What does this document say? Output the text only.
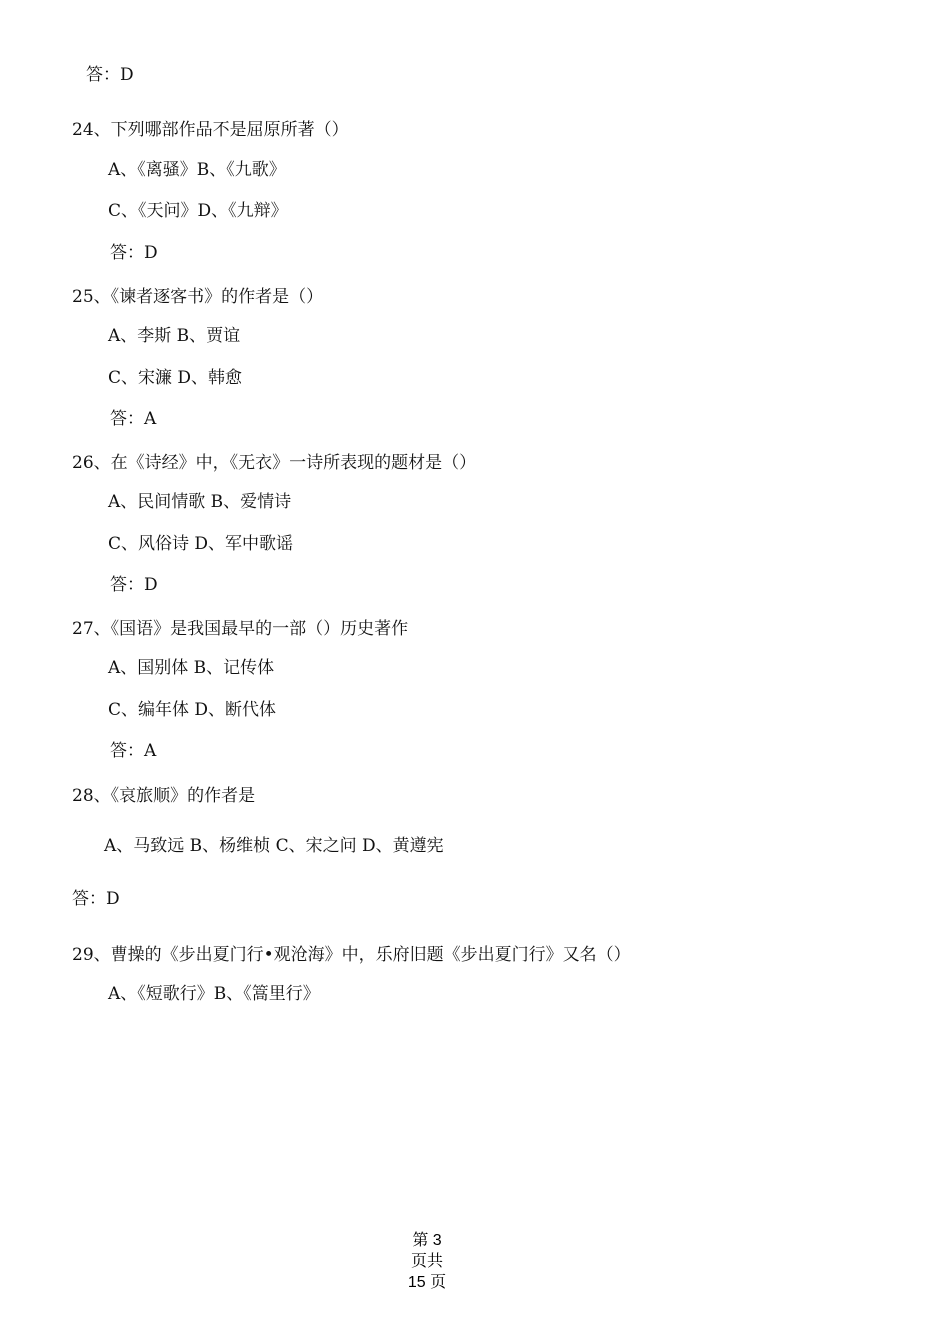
答：D
24、下列哪部作品不是屈原所著（）
A、《离骚》B、《九歌》
C、《天问》D、《九辩》
答：D
25、《谏者逐客书》的作者是（）
A、李斯 B、贾谊
C、宋濂 D、韩愈
答：A
26、在《诗经》中，《无衣》一诗所表现的题材是（）
A、民间情歌 B、爱情诗
C、风俗诗 D、军中歌谣
答：D
27、《国语》是我国最早的一部（）历史著作
A、国别体 B、记传体
C、编年体 D、断代体
答：A
28、《哀旅顺》的作者是
A、马致远 B、杨维桢 C、宋之问 D、黄遵宪
答：D
29、曹操的《步出夏门行•观沧海》中，乐府旧题《步出夏门行》又名（）
A、《短歌行》B、《篙里行》
第 3
页共
15 页
